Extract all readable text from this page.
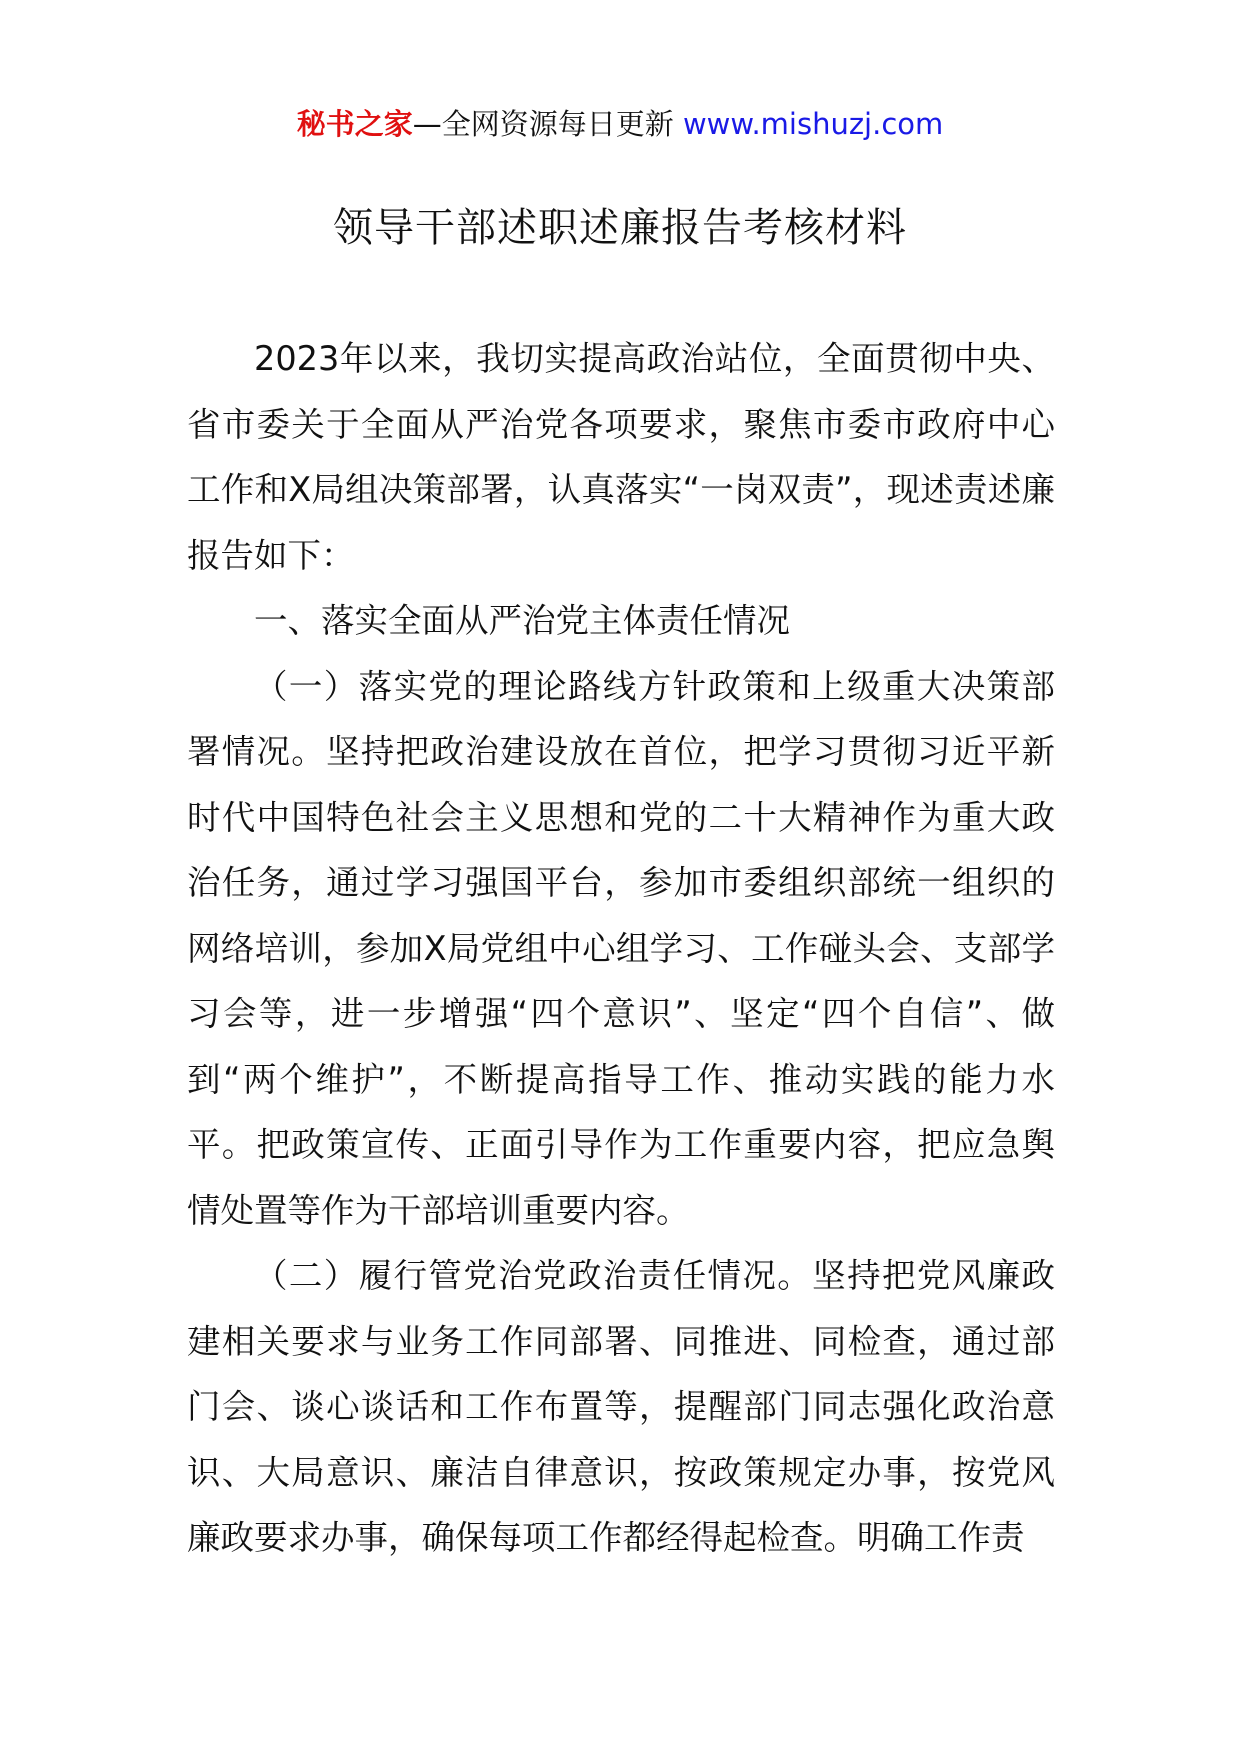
秘书之家—全网资源每日更新 www.mishuzj.com
领导干部述职述廉报告考核材料

2023年以来，我切实提高政治站位，全面贯彻中央、省市委关于全面从严治党各项要求，聚焦市委市政府中心工作和X局组决策部署，认真落实“一岗双责”，现述责述廉报告如下：

一、落实全面从严治党主体责任情况

（一）落实党的理论路线方针政策和上级重大决策部署情况。坚持把政治建设放在首位，把学习贯彻习近平新时代中国特色社会主义思想和党的二十大精神作为重大政治任务，通过学习强国平台，参加市委组织部统一组织的网络培训，参加X局党组中心组学习、工作碰头会、支部学习会等，进一步增强“四个意识”、坚定“四个自信”、做到“两个维护”，不断提高指导工作、推动实践的能力水平。把政策宣传、正面引导作为工作重要内容，把应急舆情处置等作为干部培训重要内容。

（二）履行管党治党政治责任情况。坚持把党风廉政建相关要求与业务工作同部署、同推进、同检查，通过部门会、谈心谈话和工作布置等，提醒部门同志强化政治意识、大局意识、廉洁自律意识，按政策规定办事，按党风廉政要求办事，确保每项工作都经得起检查。明确工作责
